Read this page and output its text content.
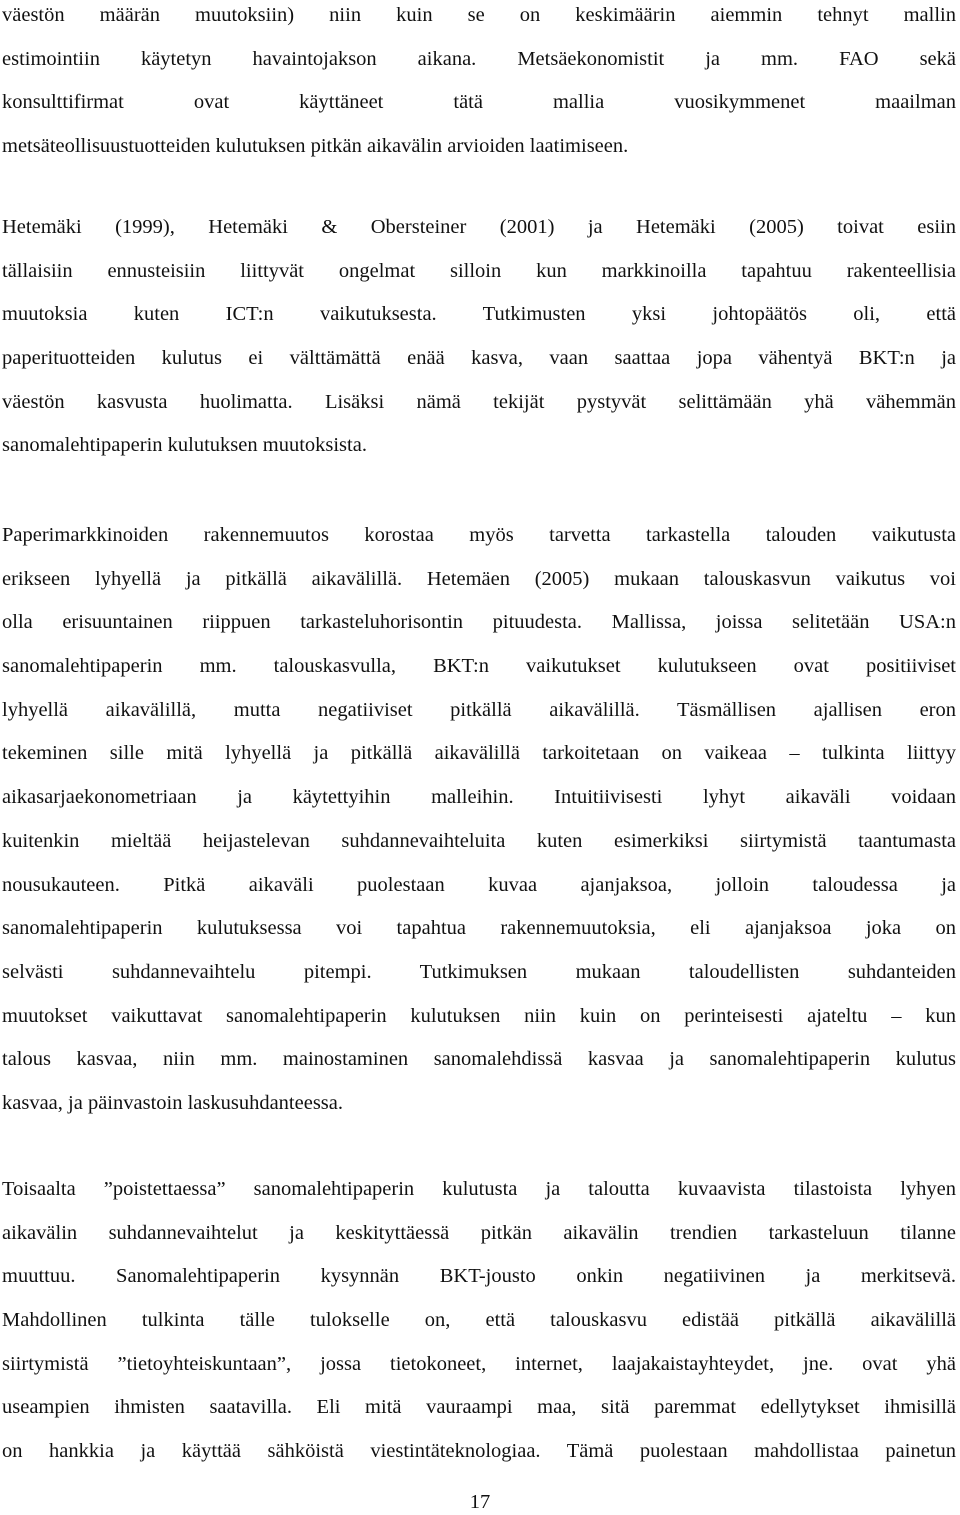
väestön määrän muutoksiin) niin kuin se on keskimäärin aiemmin tehnyt mallin
estimointiin käytetyn havaintojakson aikana. Metsäekonomistit ja mm. FAO sekä
konsulttifirmat ovat käyttäneet tätä mallia vuosikymmenet maailman
metsäteollisuustuotteiden kulutuksen pitkän aikavälin arvioiden laatimiseen.
Hetemäki (1999), Hetemäki & Obersteiner (2001) ja Hetemäki (2005) toivat esiin
tällaisiin ennusteisiin liittyvät ongelmat silloin kun markkinoilla tapahtuu rakenteellisia
muutoksia kuten ICT:n vaikutuksesta. Tutkimusten yksi johtopäätös oli, että
paperituotteiden kulutus ei välttämättä enää kasva, vaan saattaa jopa vähentyä BKT:n ja
väestön kasvusta huolimatta. Lisäksi nämä tekijät pystyvät selittämään yhä vähemmän
sanomalehtipaperin kulutuksen muutoksista.
Paperimarkkinoiden rakennemuutos korostaa myös tarvetta tarkastella talouden vaikutusta
erikseen lyhyellä ja pitkällä aikavälillä. Hetemäen (2005) mukaan talouskasvun vaikutus voi
olla erisuuntainen riippuen tarkasteluhorisontin pituudesta. Mallissa, joissa selitetään USA:n
sanomalehtipaperin mm. talouskasvulla, BKT:n vaikutukset kulutukseen ovat positiiviset
lyhyellä aikavälillä, mutta negatiiviset pitkällä aikavälillä. Täsmällisen ajallisen eron
tekeminen sille mitä lyhyellä ja pitkällä aikavälillä tarkoitetaan on vaikeaa – tulkinta liittyy
aikasarjaekonometriaan ja käytettyihin malleihin. Intuitiivisesti lyhyt aikaväli voidaan
kuitenkin mieltää heijastelevan suhdannevaihteluita kuten esimerkiksi siirtymistä taantumasta
nousukauteen. Pitkä aikaväli puolestaan kuvaa ajanjaksoa, jolloin taloudessa ja
sanomalehtipaperin kulutuksessa voi tapahtua rakennemuutoksia, eli ajanjaksoa joka on
selvästi suhdannevaihtelu pitempi. Tutkimuksen mukaan taloudellisten suhdanteiden
muutokset vaikuttavat sanomalehtipaperin kulutuksen niin kuin on perinteisesti ajateltu – kun
talous kasvaa, niin mm. mainostaminen sanomalehdissä kasvaa ja sanomalehtipaperin kulutus
kasvaa, ja päinvastoin laskusuhdanteessa.
Toisaalta ”poistettaessa” sanomalehtipaperin kulutusta ja taloutta kuvaavista tilastoista lyhyen
aikavälin suhdannevaihtelut ja keskityttäessä pitkän aikavälin trendien tarkasteluun tilanne
muuttuu. Sanomalehtipaperin kysynnän BKT-jousto onkin negatiivinen ja merkitsevä.
Mahdollinen tulkinta tälle tulokselle on, että talouskasvu edistää pitkällä aikavälillä
siirtymistä ”tietoyhteiskuntaan”, jossa tietokoneet, internet, laajakaistayhteydet, jne. ovat yhä
useampien ihmisten saatavilla. Eli mitä vauraampi maa, sitä paremmat edellytykset ihmisillä
on hankkia ja käyttää sähköistä viestintäteknologiaa. Tämä puolestaan mahdollistaa painetun
17
